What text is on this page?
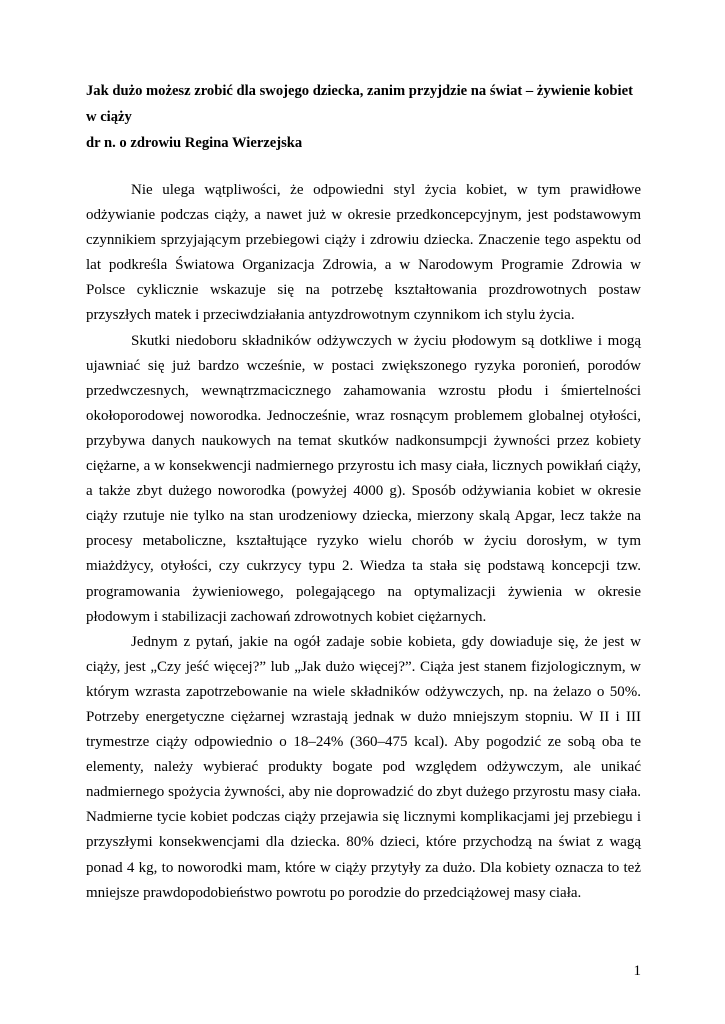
Jak dużo możesz zrobić dla swojego dziecka, zanim przyjdzie na świat – żywienie kobiet w ciąży

dr n. o zdrowiu Regina Wierzejska

Nie ulega wątpliwości, że odpowiedni styl życia kobiet, w tym prawidłowe odżywianie podczas ciąży, a nawet już w okresie przedkoncepcyjnym, jest podstawowym czynnikiem sprzyjającym przebiegowi ciąży i zdrowiu dziecka. Znaczenie tego aspektu od lat podkreśla Światowa Organizacja Zdrowia, a w Narodowym Programie Zdrowia w Polsce cyklicznie wskazuje się na potrzebę kształtowania prozdrowotnych postaw przyszłych matek i przeciwdziałania antyzdrowotnym czynnikom ich stylu życia.

Skutki niedoboru składników odżywczych w życiu płodowym są dotkliwe i mogą ujawniać się już bardzo wcześnie, w postaci zwiększonego ryzyka poronień, porodów przedwczesnych, wewnątrzmacicznego zahamowania wzrostu płodu i śmiertelności okołoporodowej noworodka. Jednocześnie, wraz rosnącym problemem globalnej otyłości, przybywa danych naukowych na temat skutków nadkonsumpcji żywności przez kobiety ciężarne, a w konsekwencji nadmiernego przyrostu ich masy ciała, licznych powikłań ciąży, a także zbyt dużego noworodka (powyżej 4000 g). Sposób odżywiania kobiet w okresie ciąży rzutuje nie tylko na stan urodzeniowy dziecka, mierzony skalą Apgar, lecz także na procesy metaboliczne, kształtujące ryzyko wielu chorób w życiu dorosłym, w tym miażdżycy, otyłości, czy cukrzycy typu 2. Wiedza ta stała się podstawą koncepcji tzw. programowania żywieniowego, polegającego na optymalizacji żywienia w okresie płodowym i stabilizacji zachowań zdrowotnych kobiet ciężarnych.

Jednym z pytań, jakie na ogół zadaje sobie kobieta, gdy dowiaduje się, że jest w ciąży, jest „Czy jeść więcej?” lub „Jak dużo więcej?”. Ciąża jest stanem fizjologicznym, w którym wzrasta zapotrzebowanie na wiele składników odżywczych, np. na żelazo o 50%. Potrzeby energetyczne ciężarnej wzrastają jednak w dużo mniejszym stopniu. W II i III trymestrze ciąży odpowiednio o 18–24% (360–475 kcal). Aby pogodzić ze sobą oba te elementy, należy wybierać produkty bogate pod względem odżywczym, ale unikać nadmiernego spożycia żywności, aby nie doprowadzić do zbyt dużego przyrostu masy ciała. Nadmierne tycie kobiet podczas ciąży przejawia się licznymi komplikacjami jej przebiegu i przyszłymi konsekwencjami dla dziecka. 80% dzieci, które przychodzą na świat z wagą ponad 4 kg, to noworodki mam, które w ciąży przytyły za dużo. Dla kobiety oznacza to też mniejsze prawdopodobieństwo powrotu po porodzie do przedciążowej masy ciała.

1
